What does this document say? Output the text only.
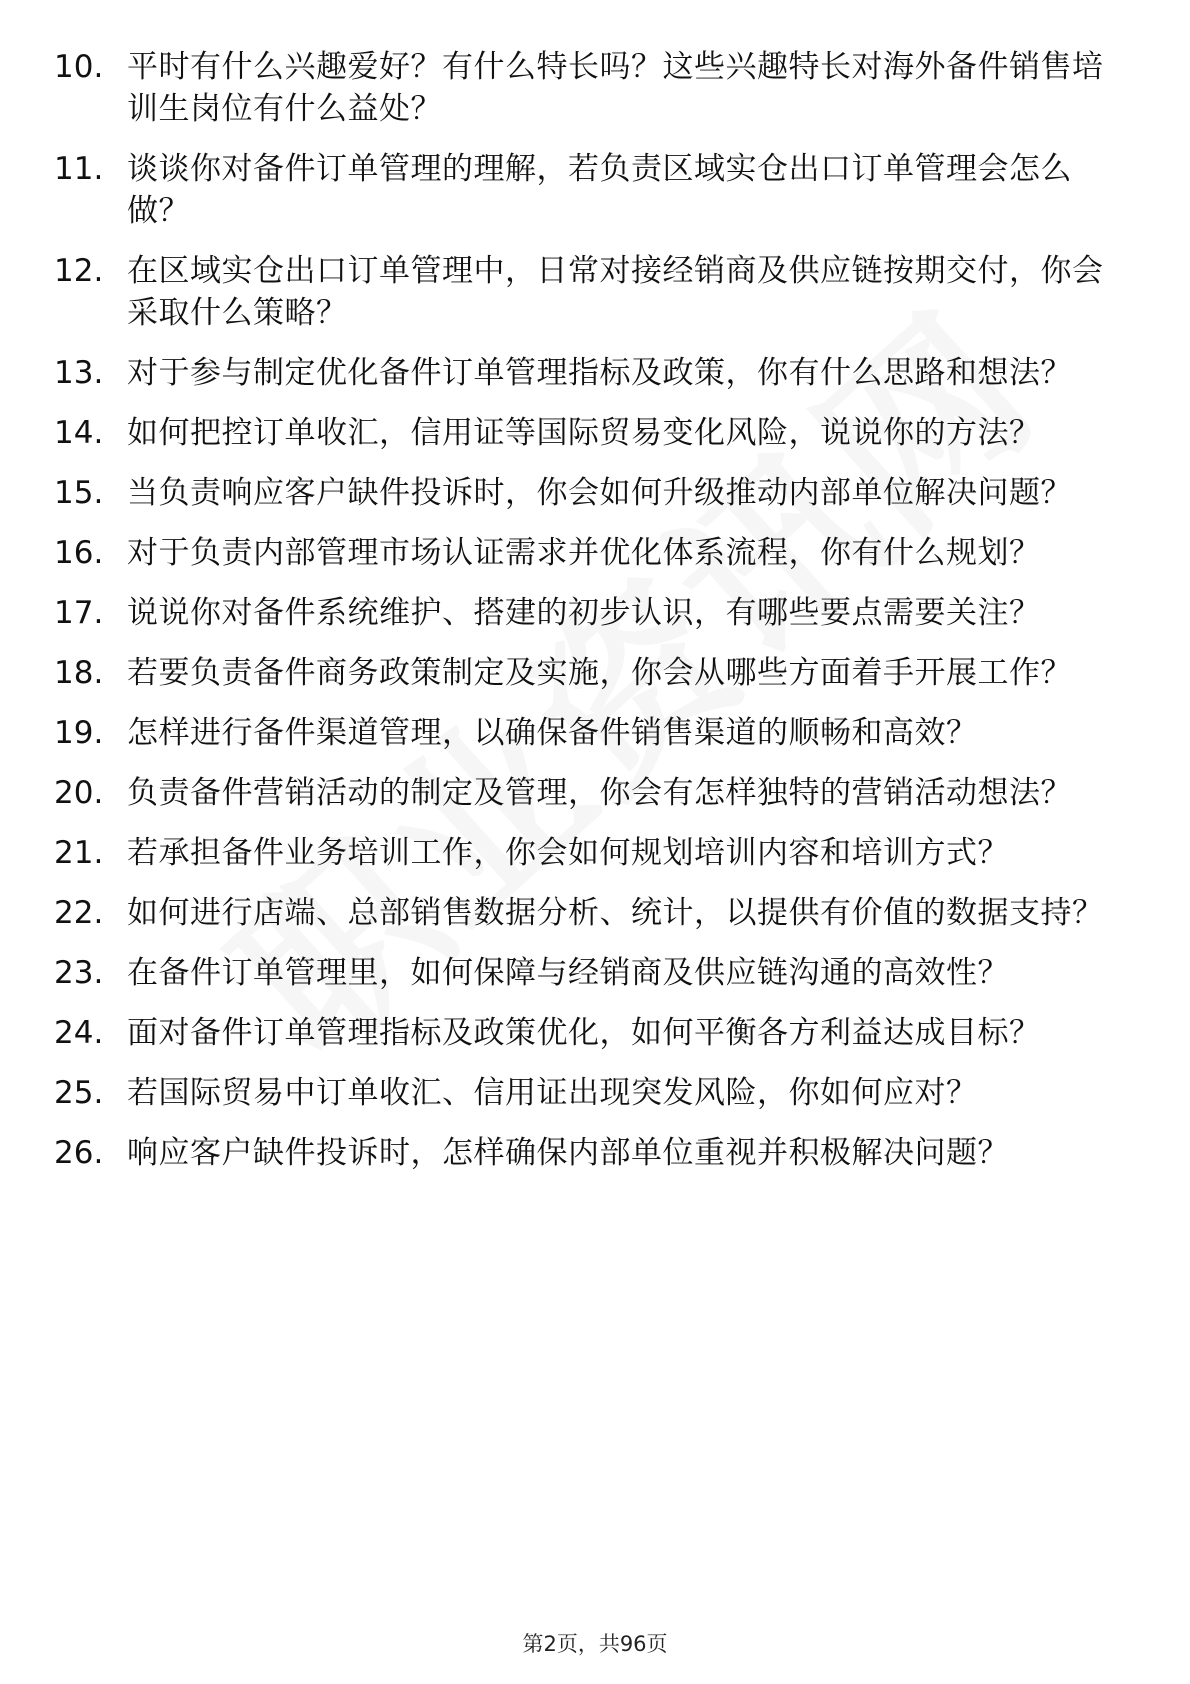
10. 平时有什么兴趣爱好？有什么特长吗？这些兴趣特长对海外备件销售培训生岗位有什么益处？
11. 谈谈你对备件订单管理的理解，若负责区域实仓出口订单管理会怎么做？
12. 在区域实仓出口订单管理中，日常对接经销商及供应链按期交付，你会采取什么策略？
13. 对于参与制定优化备件订单管理指标及政策，你有什么思路和想法？
14. 如何把控订单收汇，信用证等国际贸易变化风险，说说你的方法？
15. 当负责响应客户缺件投诉时，你会如何升级推动内部单位解决问题？
16. 对于负责内部管理市场认证需求并优化体系流程，你有什么规划？
17. 说说你对备件系统维护、搭建的初步认识，有哪些要点需要关注？
18. 若要负责备件商务政策制定及实施，你会从哪些方面着手开展工作？
19. 怎样进行备件渠道管理，以确保备件销售渠道的顺畅和高效？
20. 负责备件营销活动的制定及管理，你会有怎样独特的营销活动想法？
21. 若承担备件业务培训工作，你会如何规划培训内容和培训方式？
22. 如何进行店端、总部销售数据分析、统计，以提供有价值的数据支持？
23. 在备件订单管理里，如何保障与经销商及供应链沟通的高效性？
24. 面对备件订单管理指标及政策优化，如何平衡各方利益达成目标？
25. 若国际贸易中订单收汇、信用证出现突发风险，你如何应对？
26. 响应客户缺件投诉时，怎样确保内部单位重视并积极解决问题？
第2页，共96页
